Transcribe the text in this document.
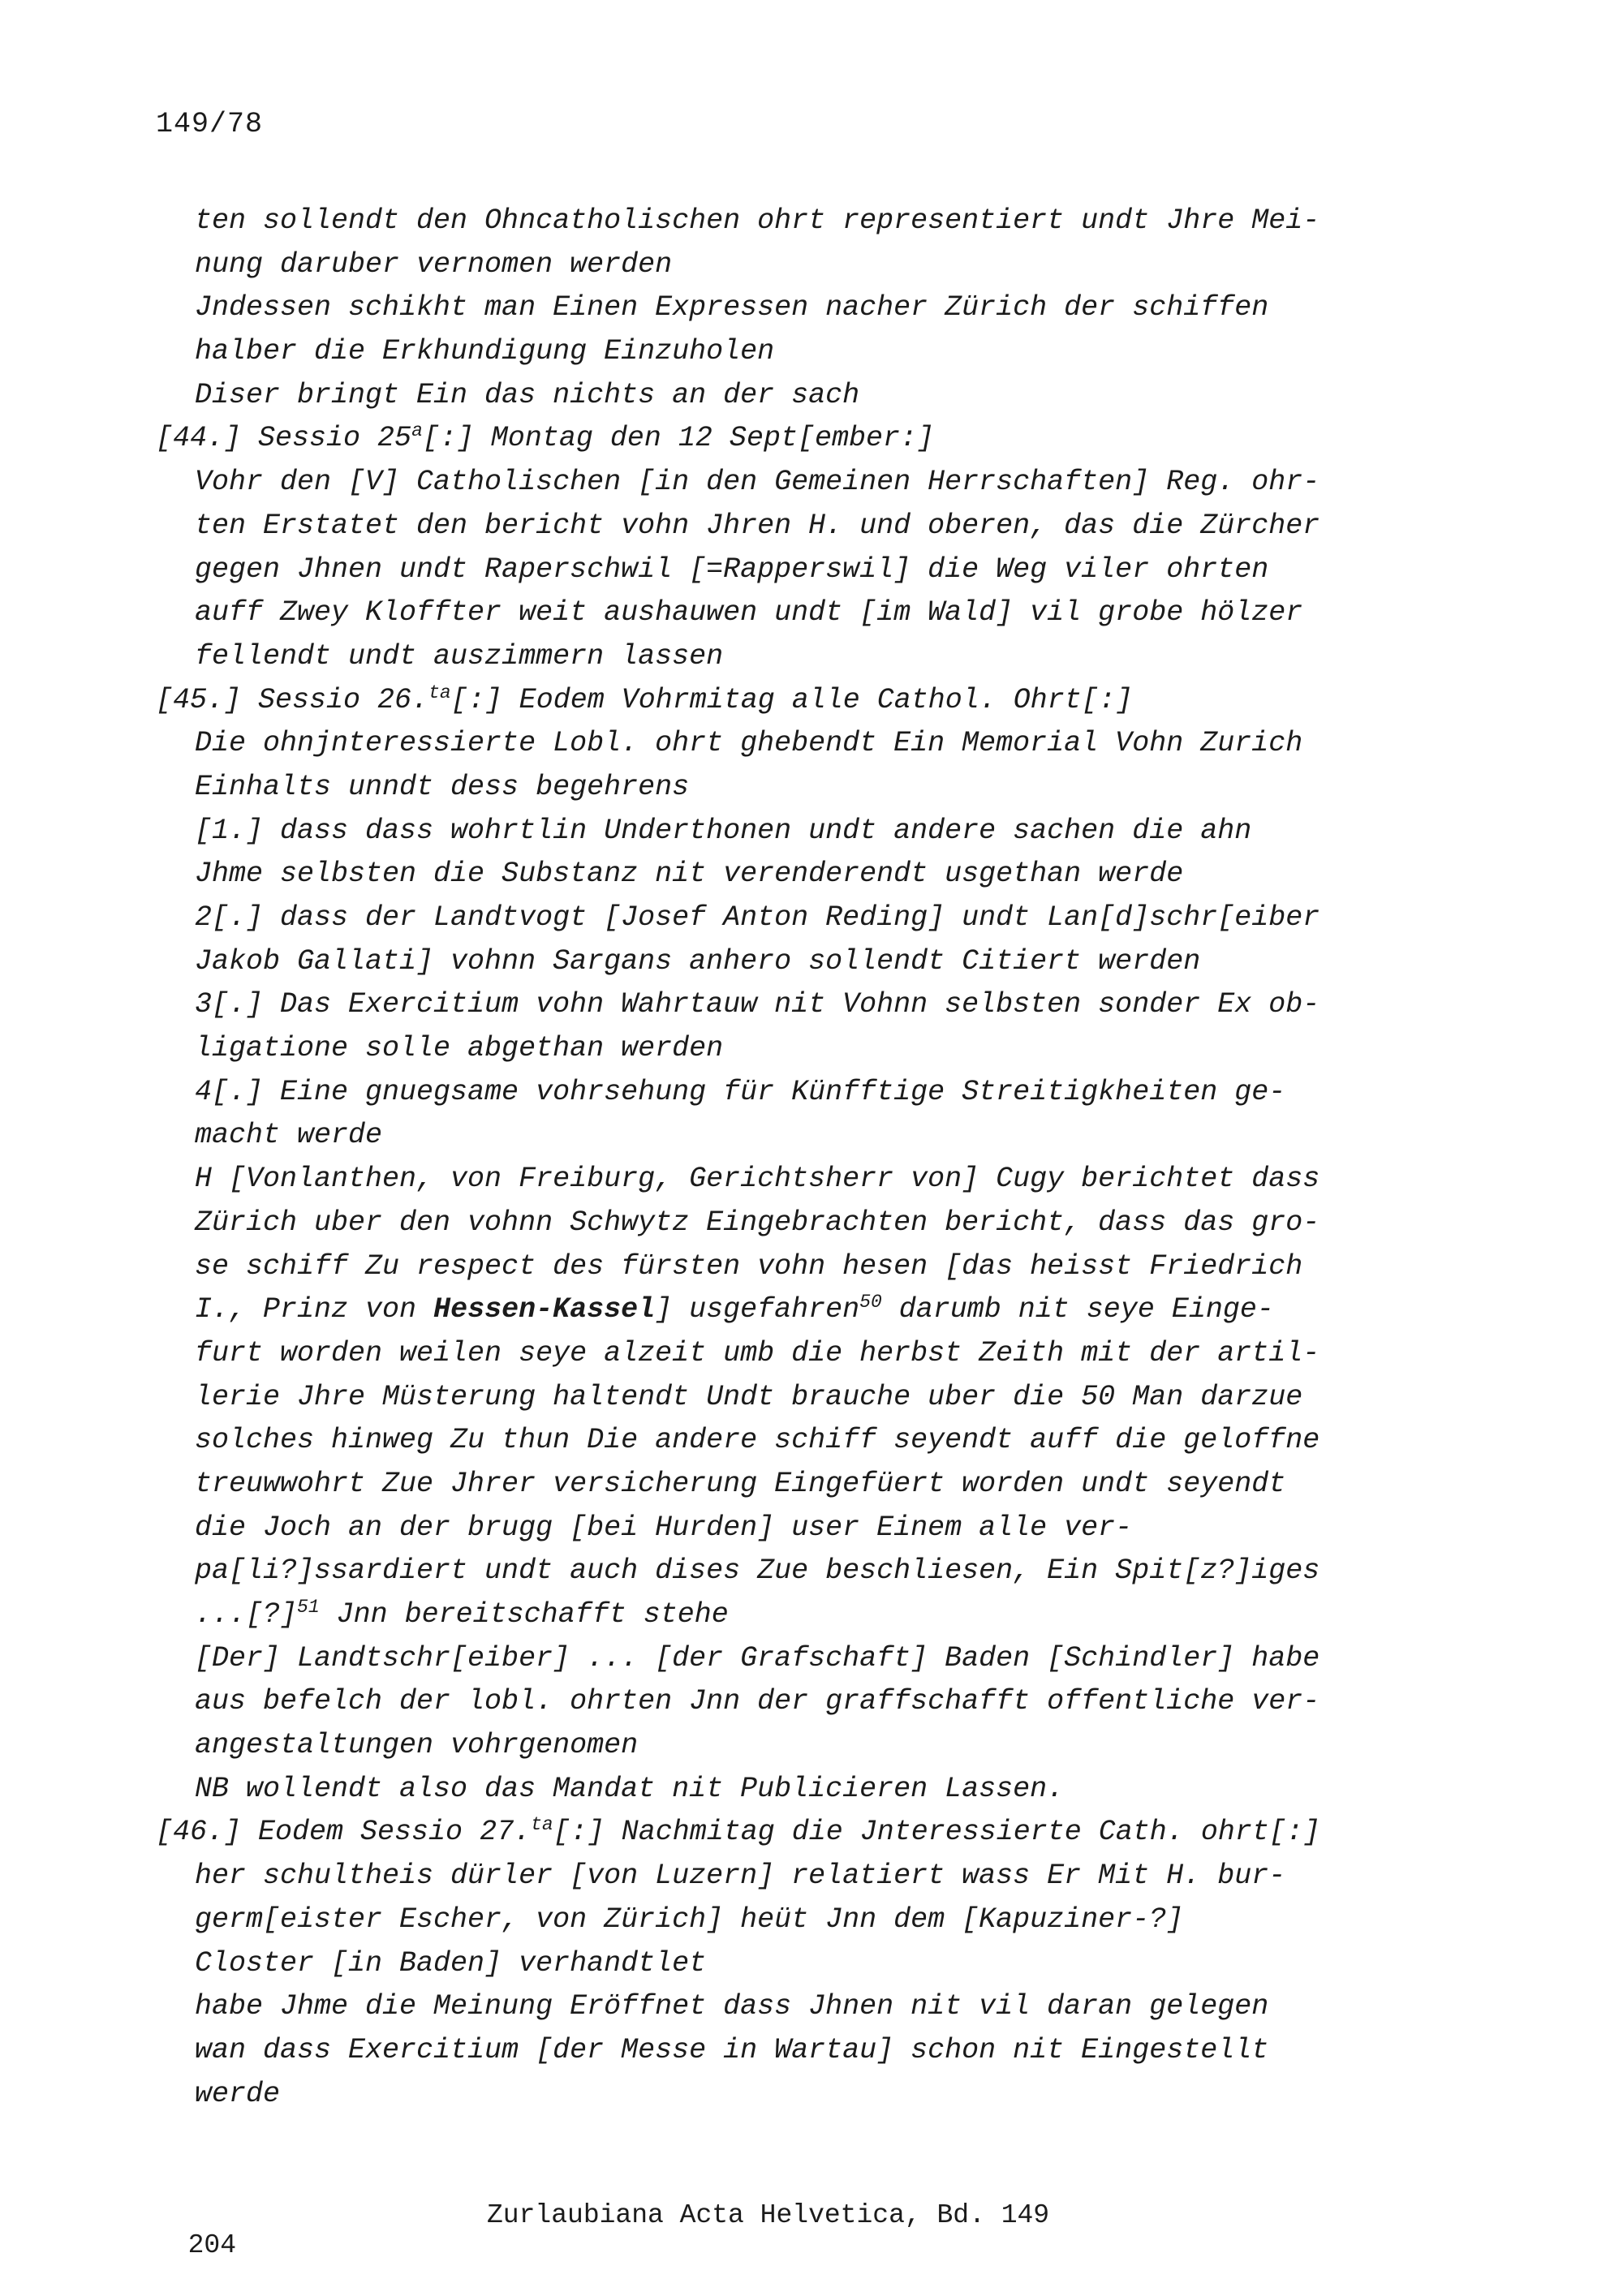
149/78
ten sollendt den Ohncatholischen ohrt representiert undt Jhre Mei-
nung daruber vernomen werden
Jndessen schikht man Einen Expressen nacher Zürich der schiffen
halber die Erkhundigung Einzuholen
Diser bringt Ein das nichts an der sach
[44.] Sessio 25$^a$[:] Montag den 12 Sept[ember:]
Vohr den [V] Catholischen [in den Gemeinen Herrschaften] Reg. ohr-
ten Erstatet den bericht vohn Jhren H. und oberen, das die Zürcher
gegen Jhnen undt Raperschwil [=Rapperswil] die Weg viler ohrten
auff Zwey Kloffter weit aushauwen undt [im Wald] vil grobe hölzer
fellendt undt auszimmern lassen
[45.] Sessio 26.$^{ta}$[:] Eodem Vohrmitag alle Cathol. Ohrt[:]
Die ohnjnteressierte Lobl. ohrt ghebendt Ein Memorial Vohn Zurich
Einhalts unndt dess begehrens
[1.] dass dass wohrtlin Underthonen undt andere sachen die ahn
Jhme selbsten die Substanz nit verenderendt usgethan werde
2[.] dass der Landtvogt [Josef Anton Reding] undt Lan[d]schr[eiber
Jakob Gallati] vohnn Sargans anhero sollendt Citiert werden
3[.] Das Exercitium vohn Wahrtauw nit Vohnn selbsten sonder Ex ob-
ligatione solle abgethan werden
4[.] Eine gnuegsame vohrsehung für Künfftige Streitigkheiten ge-
macht werde
H [Vonlanthen, von Freiburg, Gerichtsherr von] Cugy berichtet dass
Zürich uber den vohnn Schwytz Eingebrachten bericht, dass das gro-
se schiff Zu respect des fürsten vohn hesen [das heisst Friedrich
I., Prinz von Hessen-Kassel] usgefahren$^{50}$ darumb nit seye Einge-
furt worden weilen seye alzeit umb die herbst Zeith mit der artil-
lerie Jhre Müsterung haltendt Undt brauche uber die 50 Man darzue
solches hinweg Zu thun Die andere schiff seyendt auff die geloffne
treuwwohrt Zue Jhrer versicherung Eingefüert worden undt seyendt
die Joch an der brugg [bei Hurden] user Einem alle ver-
pa[li?]ssardiert undt auch dises Zue beschliesen, Ein Spit[z?]iges
...[?]$^{51}$ Jnn bereitschafft stehe
[Der] Landtschr[eiber] ... [der Grafschaft] Baden [Schindler] habe
aus befelch der lobl. ohrten Jnn der graffschafft offentliche ver-
angestaltungen vohrgenomen
NB wollendt also das Mandat nit Publicieren Lassen.
[46.] Eodem Sessio 27.$^{ta}$[:] Nachmitag die Jnteressierte Cath. ohrt[:]
her schultheis dürler [von Luzern] relatiert wass Er Mit H. bur-
germ[eister Escher, von Zürich] heüt Jnn dem [Kapuziner-?]
Closter [in Baden] verhandtlet
habe Jhme die Meinung Eröffnet dass Jhnen nit vil daran gelegen
wan dass Exercitium [der Messe in Wartau] schon nit Eingestellt
werde

204

Zurlaubiana Acta Helvetica, Bd. 149
